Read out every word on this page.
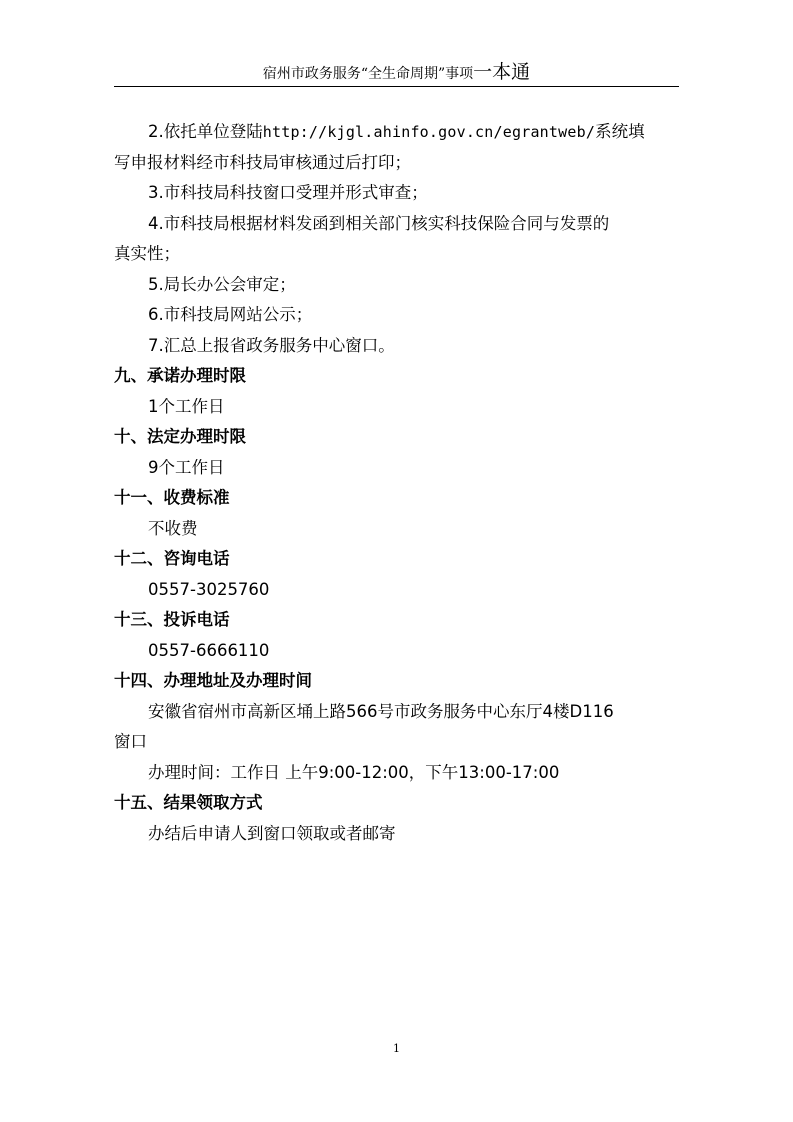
宿州市政务服务“全生命周期”事项一本通

2.依托单位登陆http://kjgl.ahinfo.gov.cn/egrantweb/系统填

写申报材料经市科技局审核通过后打印；

3.市科技局科技窗口受理并形式审查；

4.市科技局根据材料发函到相关部门核实科技保险合同与发票的

真实性；

5.局长办公会审定；

6.市科技局网站公示；

7.汇总上报省政务服务中心窗口。

九、承诺办理时限

1个工作日

十、法定办理时限

9个工作日

十一、收费标准

不收费

十二、咨询电话

0557-3025760

十三、投诉电话

0557-6666110

十四、办理地址及办理时间

安徽省宿州市高新区埇上路566号市政务服务中心东厅4楼D116

窗口

办理时间：工作日 上午9:00-12:00，下午13:00-17:00

十五、结果领取方式

办结后申请人到窗口领取或者邮寄

1
